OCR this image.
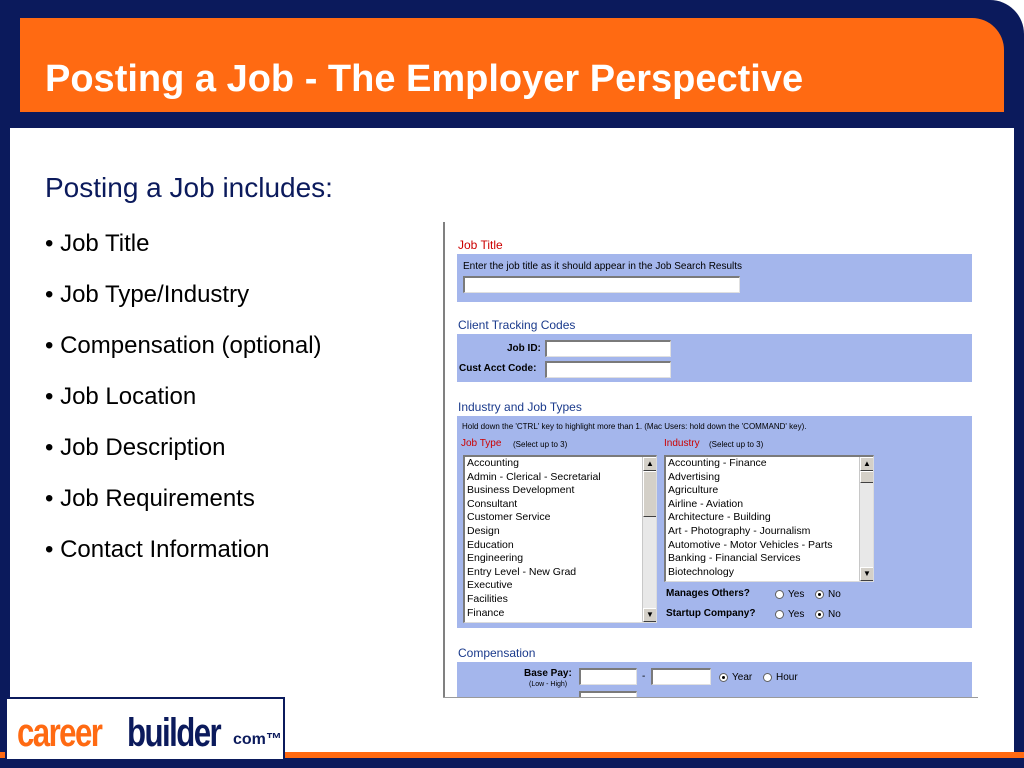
Posting a Job - The Employer Perspective
career builder com™
Posting a Job includes:
• Job Title
• Job Type/Industry
• Compensation (optional)
• Job Location
• Job Description
• Job Requirements
• Contact Information
Job Title
Enter the job title as it should appear in the Job Search Results
Client Tracking Codes
Job ID:
Cust Acct Code:
Industry and Job Types
Hold down the 'CTRL' key to highlight more than 1. (Mac Users: hold down the 'COMMAND' key).
Job Type (Select up to 3)
Accounting
Admin - Clerical - Secretarial
Business Development
Consultant
Customer Service
Design
Education
Engineering
Entry Level - New Grad
Executive
Facilities
Finance
▲
▼
Industry (Select up to 3)
Accounting - Finance
Advertising
Agriculture
Airline - Aviation
Architecture - Building
Art - Photography - Journalism
Automotive - Motor Vehicles - Parts
Banking - Financial Services
Biotechnology
▲
▼
Manages Others?	Yes No
Startup Company?	Yes No
Compensation
Base Pay:
(Low - High)
-	Year Hour
